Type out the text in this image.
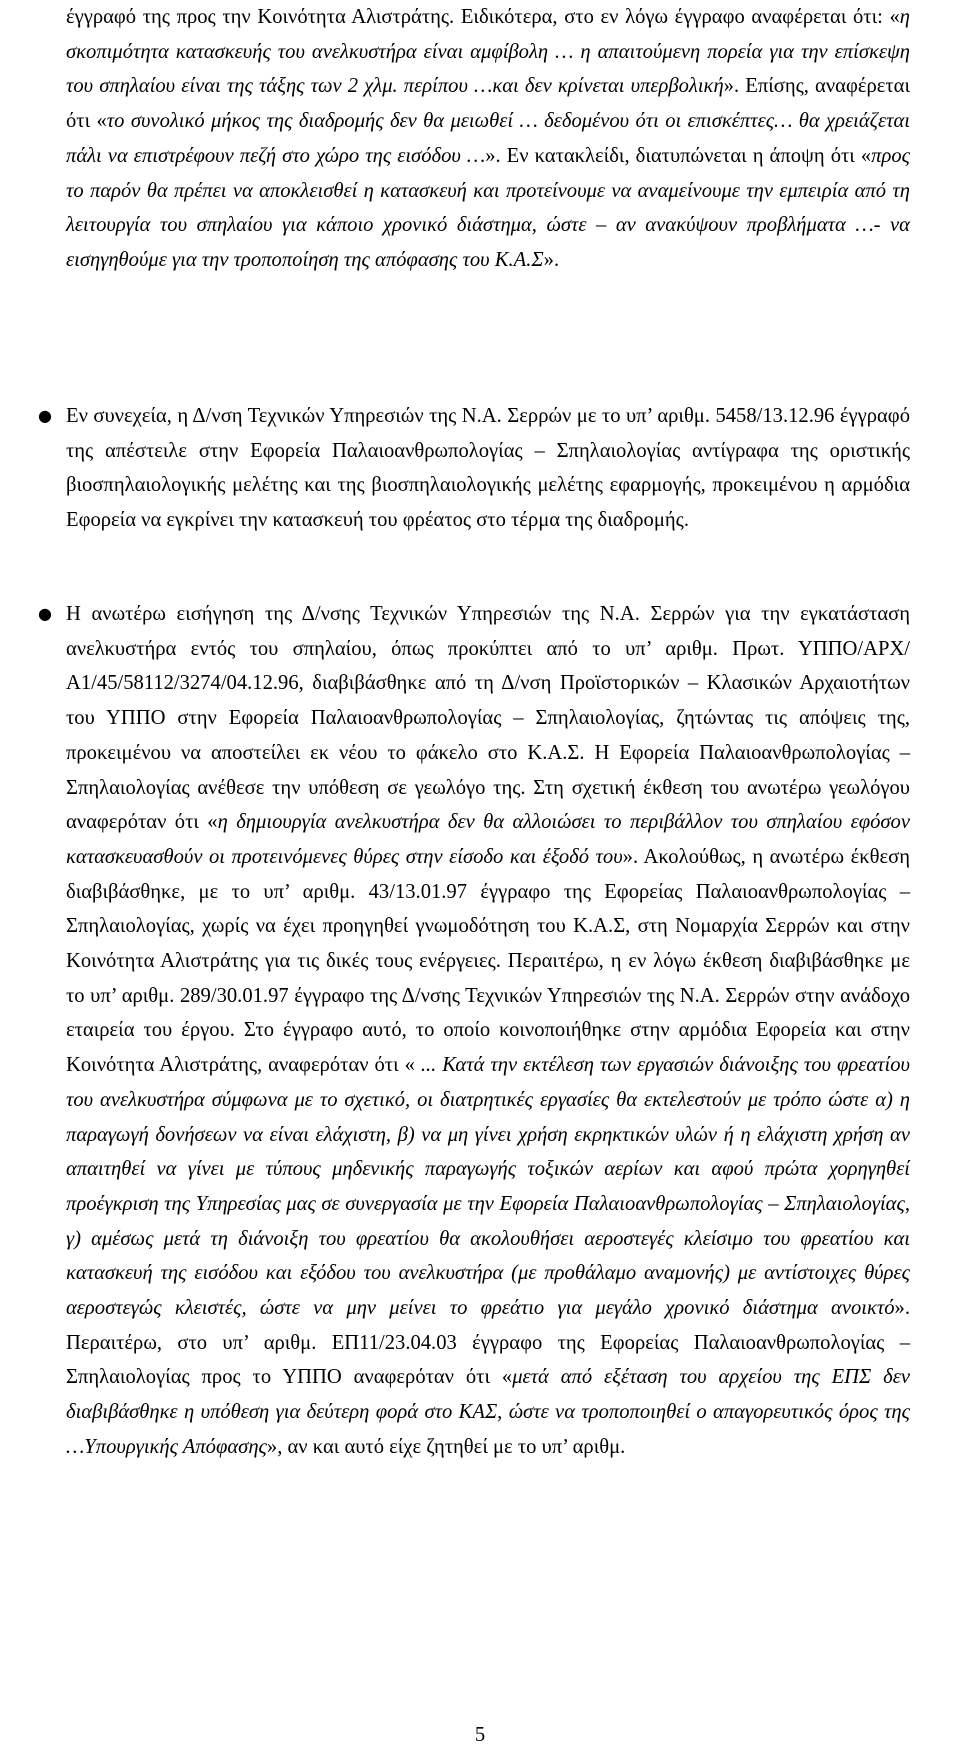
έγγραφό της προς την Κοινότητα Αλιστράτης. Ειδικότερα, στο εν λόγω έγγραφο αναφέρεται ότι: «η σκοπιμότητα κατασκευής του ανελκυστήρα είναι αμφίβολη … η απαιτούμενη πορεία για την επίσκεψη του σπηλαίου είναι της τάξης των 2 χλμ. περίπου …και δεν κρίνεται υπερβολική». Επίσης, αναφέρεται ότι «το συνολικό μήκος της διαδρομής δεν θα μειωθεί … δεδομένου ότι οι επισκέπτες… θα χρειάζεται πάλι να επιστρέφουν πεζή στο χώρο της εισόδου …». Εν κατακλείδι, διατυπώνεται η άποψη ότι «προς το παρόν θα πρέπει να αποκλεισθεί η κατασκευή και προτείνουμε να αναμείνουμε την εμπειρία από τη λειτουργία του σπηλαίου για κάποιο χρονικό διάστημα, ώστε – αν ανακύψουν προβλήματα …- να εισηγηθούμε για την τροποποίηση της απόφασης του Κ.Α.Σ».

● Εν συνεχεία, η Δ/νση Τεχνικών Υπηρεσιών της Ν.Α. Σερρών με το υπ’ αριθμ. 5458/13.12.96 έγγραφό της απέστειλε στην Εφορεία Παλαιοανθρωπολογίας – Σπηλαιολογίας αντίγραφα της οριστικής βιοσπηλαιολογικής μελέτης και της βιοσπηλαιολογικής μελέτης εφαρμογής, προκειμένου η αρμόδια Εφορεία να εγκρίνει την κατασκευή του φρέατος στο τέρμα της διαδρομής.

● Η ανωτέρω εισήγηση της Δ/νσης Τεχνικών Υπηρεσιών της Ν.Α. Σερρών για την εγκατάσταση ανελκυστήρα εντός του σπηλαίου, όπως προκύπτει από το υπ’ αριθμ. Πρωτ. ΥΠΠΟ/ΑΡΧ/Α1/45/58112/3274/04.12.96, διαβιβάσθηκε από τη Δ/νση Προϊστορικών – Κλασικών Αρχαιοτήτων του ΥΠΠΟ στην Εφορεία Παλαιοανθρωπολογίας – Σπηλαιολογίας, ζητώντας τις απόψεις της, προκειμένου να αποστείλει εκ νέου το φάκελο στο Κ.Α.Σ. Η Εφορεία Παλαιοανθρωπολογίας – Σπηλαιολογίας ανέθεσε την υπόθεση σε γεωλόγο της. Στη σχετική έκθεση του ανωτέρω γεωλόγου αναφερόταν ότι «η δημιουργία ανελκυστήρα δεν θα αλλοιώσει το περιβάλλον του σπηλαίου εφόσον κατασκευασθούν οι προτεινόμενες θύρες στην είσοδο και έξοδό του». Ακολούθως, η ανωτέρω έκθεση διαβιβάσθηκε, με το υπ’ αριθμ. 43/13.01.97 έγγραφο της Εφορείας Παλαιοανθρωπολογίας – Σπηλαιολογίας, χωρίς να έχει προηγηθεί γνωμοδότηση του Κ.Α.Σ, στη Νομαρχία Σερρών και στην Κοινότητα Αλιστράτης για τις δικές τους ενέργειες. Περαιτέρω, η εν λόγω έκθεση διαβιβάσθηκε με το υπ’ αριθμ. 289/30.01.97 έγγραφο της Δ/νσης Τεχνικών Υπηρεσιών της Ν.Α. Σερρών στην ανάδοχο εταιρεία του έργου. Στο έγγραφο αυτό, το οποίο κοινοποιήθηκε στην αρμόδια Εφορεία και στην Κοινότητα Αλιστράτης, αναφερόταν ότι « ... Κατά την εκτέλεση των εργασιών διάνοιξης του φρεατίου του ανελκυστήρα σύμφωνα με το σχετικό, οι διατρητικές εργασίες θα εκτελεστούν με τρόπο ώστε α) η παραγωγή δονήσεων να είναι ελάχιστη, β) να μη γίνει χρήση εκρηκτικών υλών ή η ελάχιστη χρήση αν απαιτηθεί να γίνει με τύπους μηδενικής παραγωγής τοξικών αερίων και αφού πρώτα χορηγηθεί προέγκριση της Υπηρεσίας μας σε συνεργασία με την Εφορεία Παλαιοανθρωπολογίας – Σπηλαιολογίας, γ) αμέσως μετά τη διάνοιξη του φρεατίου θα ακολουθήσει αεροστεγές κλείσιμο του φρεατίου και κατασκευή της εισόδου και εξόδου του ανελκυστήρα (με προθάλαμο αναμονής) με αντίστοιχες θύρες αεροστεγώς κλειστές, ώστε να μην μείνει το φρεάτιο για μεγάλο χρονικό διάστημα ανοικτό». Περαιτέρω, στο υπ’ αριθμ. ΕΠ11/23.04.03 έγγραφο της Εφορείας Παλαιοανθρωπολογίας – Σπηλαιολογίας προς το ΥΠΠΟ αναφερόταν ότι «μετά από εξέταση του αρχείου της ΕΠΣ δεν διαβιβάσθηκε η υπόθεση για δεύτερη φορά στο ΚΑΣ, ώστε να τροποποιηθεί ο απαγορευτικός όρος της …Υπουργικής Απόφασης», αν και αυτό είχε ζητηθεί με το υπ’ αριθμ.

5
